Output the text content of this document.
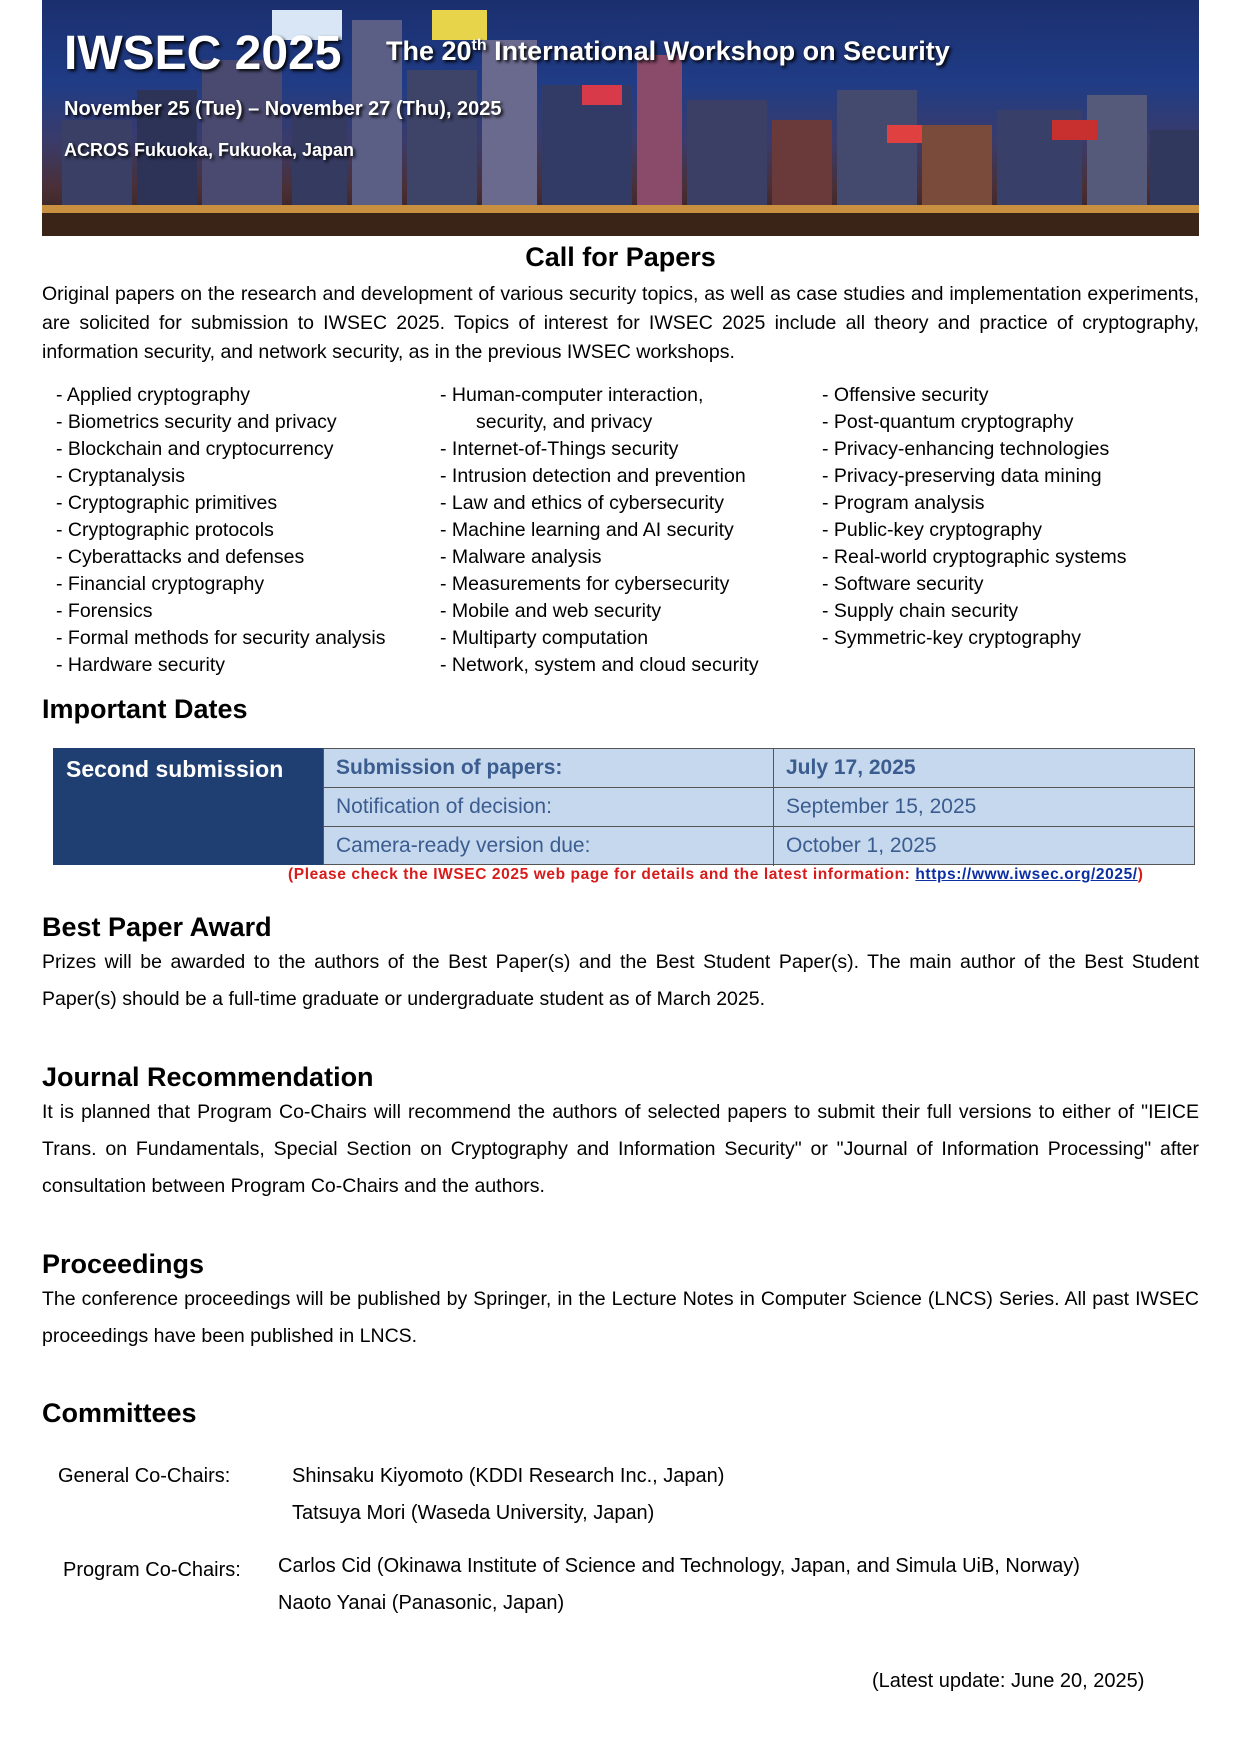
IWSEC 2025 The 20th International Workshop on Security
November 25 (Tue) – November 27 (Thu), 2025
ACROS Fukuoka, Fukuoka, Japan
Call for Papers
Original papers on the research and development of various security topics, as well as case studies and implementation experiments, are solicited for submission to IWSEC 2025. Topics of interest for IWSEC 2025 include all theory and practice of cryptography, information security, and network security, as in the previous IWSEC workshops.
- Applied cryptography
- Biometrics security and privacy
- Blockchain and cryptocurrency
- Cryptanalysis
- Cryptographic primitives
- Cryptographic protocols
- Cyberattacks and defenses
- Financial cryptography
- Forensics
- Formal methods for security analysis
- Hardware security
- Human-computer interaction,
security, and privacy
- Internet-of-Things security
- Intrusion detection and prevention
- Law and ethics of cybersecurity
- Machine learning and AI security
- Malware analysis
- Measurements for cybersecurity
- Mobile and web security
- Multiparty computation
- Network, system and cloud security
- Offensive security
- Post-quantum cryptography
- Privacy-enhancing technologies
- Privacy-preserving data mining
- Program analysis
- Public-key cryptography
- Real-world cryptographic systems
- Software security
- Supply chain security
- Symmetric-key cryptography
Important Dates
Second submission	Submission of papers:	July 17, 2025
Notification of decision:	September 15, 2025
Camera-ready version due:	October 1, 2025
(Please check the IWSEC 2025 web page for details and the latest information: https://www.iwsec.org/2025/)
Best Paper Award
Prizes will be awarded to the authors of the Best Paper(s) and the Best Student Paper(s). The main author of the Best Student Paper(s) should be a full-time graduate or undergraduate student as of March 2025.
Journal Recommendation
It is planned that Program Co-Chairs will recommend the authors of selected papers to submit their full versions to either of "IEICE Trans. on Fundamentals, Special Section on Cryptography and Information Security" or "Journal of Information Processing" after consultation between Program Co-Chairs and the authors.
Proceedings
The conference proceedings will be published by Springer, in the Lecture Notes in Computer Science (LNCS) Series. All past IWSEC proceedings have been published in LNCS.
Committees
General Co-Chairs:	Shinsaku Kiyomoto (KDDI Research Inc., Japan)
Tatsuya Mori (Waseda University, Japan)
Program Co-Chairs: Carlos Cid (Okinawa Institute of Science and Technology, Japan, and Simula UiB, Norway)
Naoto Yanai (Panasonic, Japan)
(Latest update: June 20, 2025)
